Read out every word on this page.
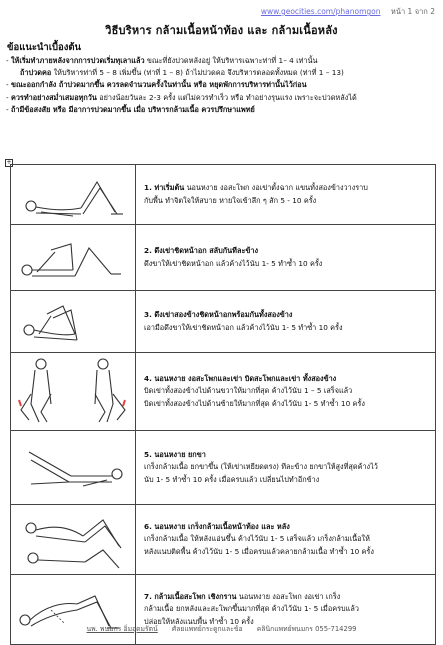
www.geocities.com/phanomgon หน้า 1 จาก 2
วิธีบริหาร กล้ามเนื้อหน้าท้อง และ กล้ามเนื้อหลัง
ข้อแนะนำเบื้องต้น
- ให้เริ่มทำภายหลังจากการปวดเริ่มทุเลาแล้ว ขณะที่ยังปวดหลังอยู่ ให้บริหารเฉพาะท่าที่ 1– 4 เท่านั้น
ถ้าปวดคอ ให้บริหารท่าที่ 5 – 8 เพิ่มขึ้น (ท่าที่ 1 – 8) ถ้าไม่ปวดคอ จึงบริหารตลอดทั้งหมด (ท่าที่ 1 – 13)
- ขณะออกกำลัง ถ้าปวดมากขึ้น ควรลดจำนวนครั้งในท่านั้น หรือ หยุดพักการบริหารท่านั้นไว้ก่อน
- ควรทำอย่างสม่ำเสมอทุกวัน อย่างน้อยวันละ 2-3 ครั้ง แต่ไม่ควรทำเร็ว หรือ ทำอย่างรุนแรง เพราะจะปวดหลังได้
- ถ้ามีข้อสงสัย หรือ มีอาการปวดมากขึ้น เมื่อ บริหารกล้ามเนื้อ ควรปรึกษาแพทย์
+
	1. ท่าเริ่มต้น นอนหงาย งอสะโพก งอเข่าตั้งฉาก แขนทั้งสองข้างวางราบ
กับพื้น ทำจิตใจให้สบาย หายใจเข้าลึก ๆ สัก 5 - 10 ครั้ง

	2. ดึงเข่าชิดหน้าอก สลับกันทีละข้าง
ดึงขาให้เข่าชิดหน้าอก แล้วค้างไว้นับ 1- 5 ทำซ้ำ 10 ครั้ง

	3. ดึงเข่าสองข้างชิดหน้าอกพร้อมกันทั้งสองข้าง
เอามือดึงขาให้เข่าชิดหน้าอก แล้วค้างไว้นับ 1- 5 ทำซ้ำ 10 ครั้ง

	4. นอนหงาย งอสะโพกและเข่า บิดสะโพกและเข่า ทั้งสองข้าง
บิดเข่าทั้งสองข้างไปด้านขวาให้มากที่สุด ค้างไว้นับ 1 – 5 เสร็จแล้ว
บิดเข่าทั้งสองข้างไปด้านซ้ายให้มากที่สุด ค้างไว้นับ 1- 5 ทำซ้ำ 10 ครั้ง

	5. นอนหงาย ยกขา
เกร็งกล้ามเนื้อ ยกขาขึ้น (ให้เข่าเหยียดตรง) ทีละข้าง ยกขาให้สูงที่สุดค้างไว้
นับ 1- 5 ทำซ้ำ 10 ครั้ง เมื่อครบแล้ว เปลี่ยนไปทำอีกข้าง

	6. นอนหงาย เกร็งกล้ามเนื้อหน้าท้อง และ หลัง
เกร็งกล้ามเนื้อ ให้หลังแอ่นขึ้น ค้างไว้นับ 1- 5 เสร็จแล้ว เกร็งกล้ามเนื้อให้
หลังแนบติดพื้น ค้างไว้นับ 1- 5 เมื่อครบแล้วคลายกล้ามเนื้อ ทำซ้ำ 10 ครั้ง

	7. กล้ามเนื้อสะโพก เชิงกราน นอนหงาย งอสะโพก งอเข่า เกร็ง
กล้ามเนื้อ ยกหลังและสะโพกขึ้นมากที่สุด ค้างไว้นับ 1- 5 เมื่อครบแล้ว
ปล่อยให้หลังแนบพื้น ทำซ้ำ 10 ครั้ง
นพ. พนมกร อิ่มอุดมรัตน์ ศัลยแพทย์กระดูกและข้อ คลินิกแพทย์พนมกร 055-714299
